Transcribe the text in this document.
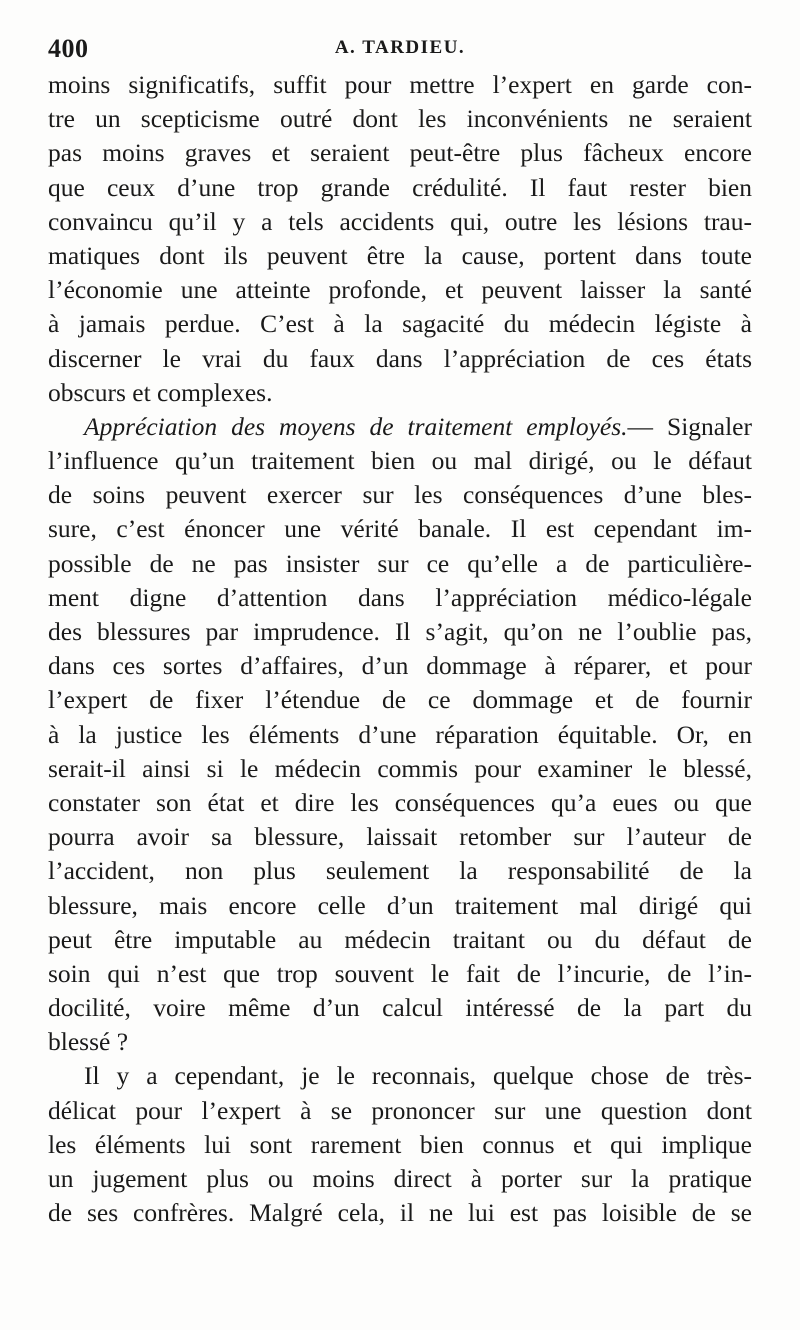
400	A. TARDIEU.
moins significatifs, suffit pour mettre l’expert en garde con-
tre un scepticisme outré dont les inconvénients ne seraient
pas moins graves et seraient peut-être plus fâcheux encore
que ceux d’une trop grande crédulité. Il faut rester bien
convaincu qu’il y a tels accidents qui, outre les lésions trau-
matiques dont ils peuvent être la cause, portent dans toute
l’économie une atteinte profonde, et peuvent laisser la santé
à jamais perdue. C’est à la sagacité du médecin légiste à
discerner le vrai du faux dans l’appréciation de ces états
obscurs et complexes.
Appréciation des moyens de traitement employés.— Signaler
l’influence qu’un traitement bien ou mal dirigé, ou le défaut
de soins peuvent exercer sur les conséquences d’une bles-
sure, c’est énoncer une vérité banale. Il est cependant im-
possible de ne pas insister sur ce qu’elle a de particulière-
ment digne d’attention dans l’appréciation médico-légale
des blessures par imprudence. Il s’agit, qu’on ne l’oublie pas,
dans ces sortes d’affaires, d’un dommage à réparer, et pour
l’expert de fixer l’étendue de ce dommage et de fournir
à la justice les éléments d’une réparation équitable. Or, en
serait-il ainsi si le médecin commis pour examiner le blessé,
constater son état et dire les conséquences qu’a eues ou que
pourra avoir sa blessure, laissait retomber sur l’auteur de
l’accident, non plus seulement la responsabilité de la
blessure, mais encore celle d’un traitement mal dirigé qui
peut être imputable au médecin traitant ou du défaut de
soin qui n’est que trop souvent le fait de l’incurie, de l’in-
docilité, voire même d’un calcul intéressé de la part du
blessé ?
Il y a cependant, je le reconnais, quelque chose de très-
délicat pour l’expert à se prononcer sur une question dont
les éléments lui sont rarement bien connus et qui implique
un jugement plus ou moins direct à porter sur la pratique
de ses confrères. Malgré cela, il ne lui est pas loisible de se
